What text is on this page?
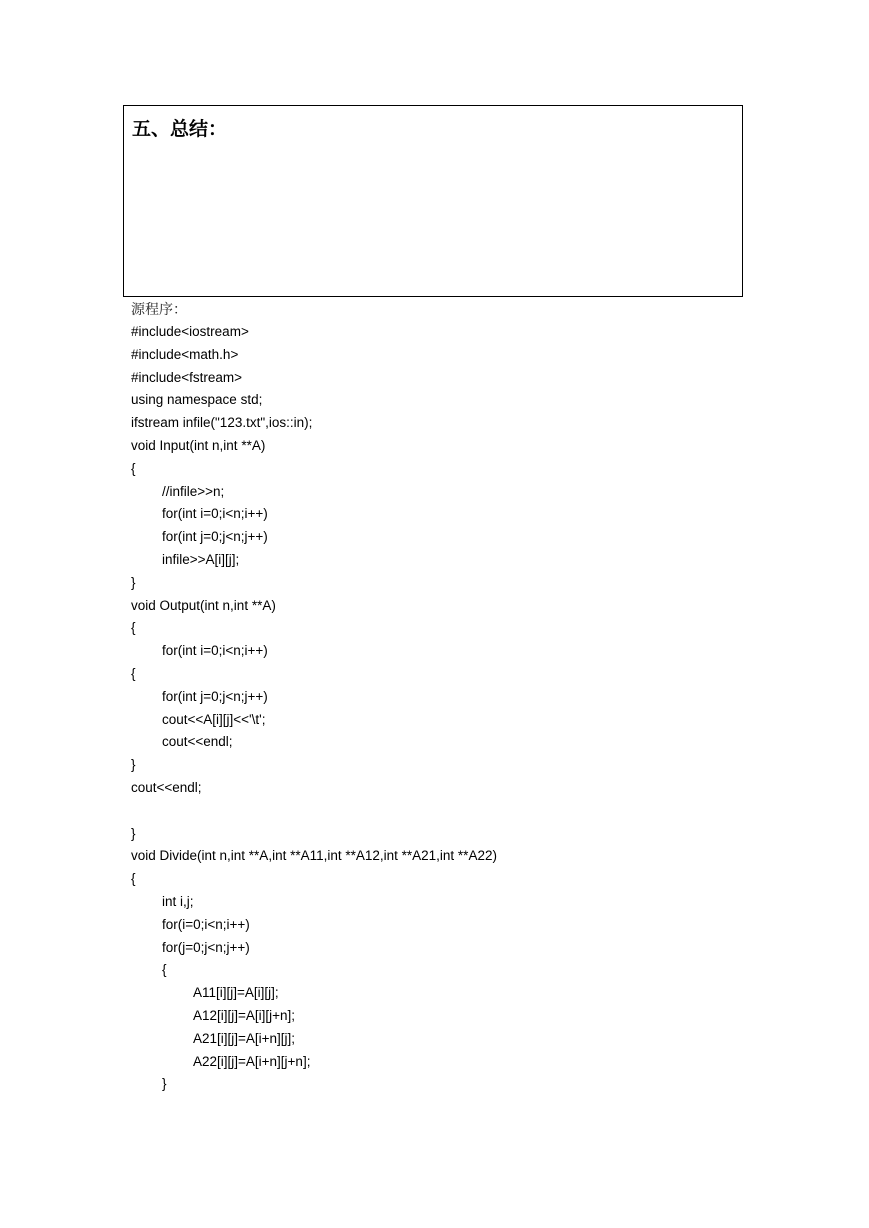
五、总结：
源程序：
#include<iostream>
#include<math.h>
#include<fstream>
using namespace std;
ifstream infile("123.txt",ios::in);
void Input(int n,int **A)
{
//infile>>n;
for(int i=0;i<n;i++)
for(int j=0;j<n;j++)
infile>>A[i][j];
}
void Output(int n,int **A)
{
for(int i=0;i<n;i++)
{
for(int j=0;j<n;j++)
cout<<A[i][j]<<'\t';
cout<<endl;
}
cout<<endl;
}
void Divide(int n,int **A,int **A11,int **A12,int **A21,int **A22)
{
int i,j;
for(i=0;i<n;i++)
for(j=0;j<n;j++)
{
A11[i][j]=A[i][j];
A12[i][j]=A[i][j+n];
A21[i][j]=A[i+n][j];
A22[i][j]=A[i+n][j+n];
}
